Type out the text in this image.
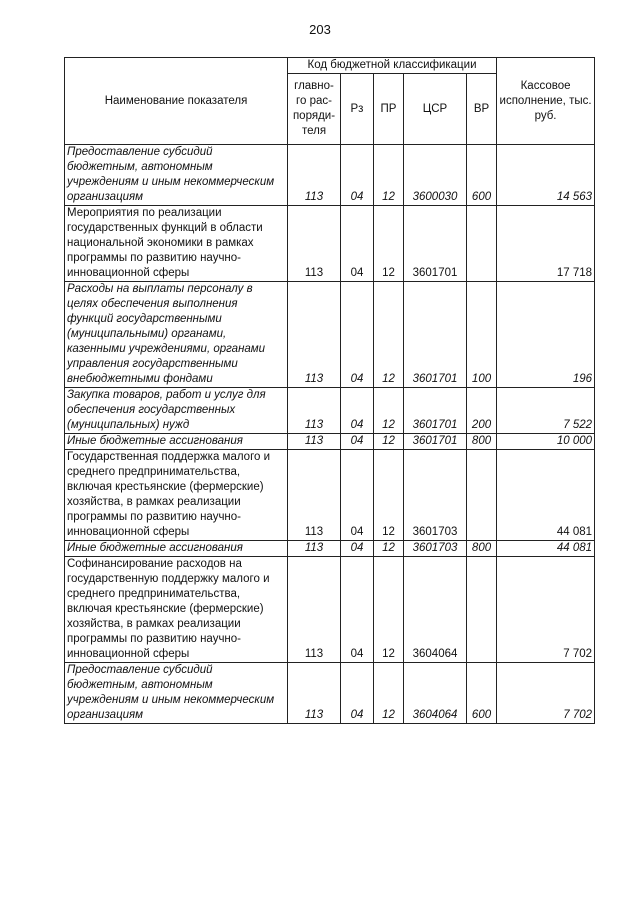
203
Наименование показателя	Код бюджетной классификации					Кассовое исполнение, тыс. руб.
	главно-го рас-поряди-теля	Рз	ПР	ЦСР	ВР	
Предоставление субсидий бюджетным, автономным учреждениям и иным некоммерческим организациям	113	04	12	3600030	600	14 563
Мероприятия по реализации государственных функций в области национальной экономики в рамках программы по развитию научно-инновационной сферы	113	04	12	3601701		17 718
Расходы на выплаты персоналу в целях обеспечения выполнения функций государственными (муниципальными) органами, казенными учреждениями, органами управления государственными внебюджетными фондами	113	04	12	3601701	100	196
Закупка товаров, работ и услуг для обеспечения государственных (муниципальных) нужд	113	04	12	3601701	200	7 522
Иные бюджетные ассигнования	113	04	12	3601701	800	10 000
Государственная поддержка малого и среднего предпринимательства, включая крестьянские (фермерские) хозяйства, в рамках реализации программы по развитию научно-инновационной сферы	113	04	12	3601703		44 081
Иные бюджетные ассигнования	113	04	12	3601703	800	44 081
Софинансирование расходов на государственную поддержку малого и среднего предпринимательства, включая крестьянские (фермерские) хозяйства, в рамках реализации программы по развитию научно-инновационной сферы	113	04	12	3604064		7 702
Предоставление субсидий бюджетным, автономным учреждениям и иным некоммерческим организациям	113	04	12	3604064	600	7 702
